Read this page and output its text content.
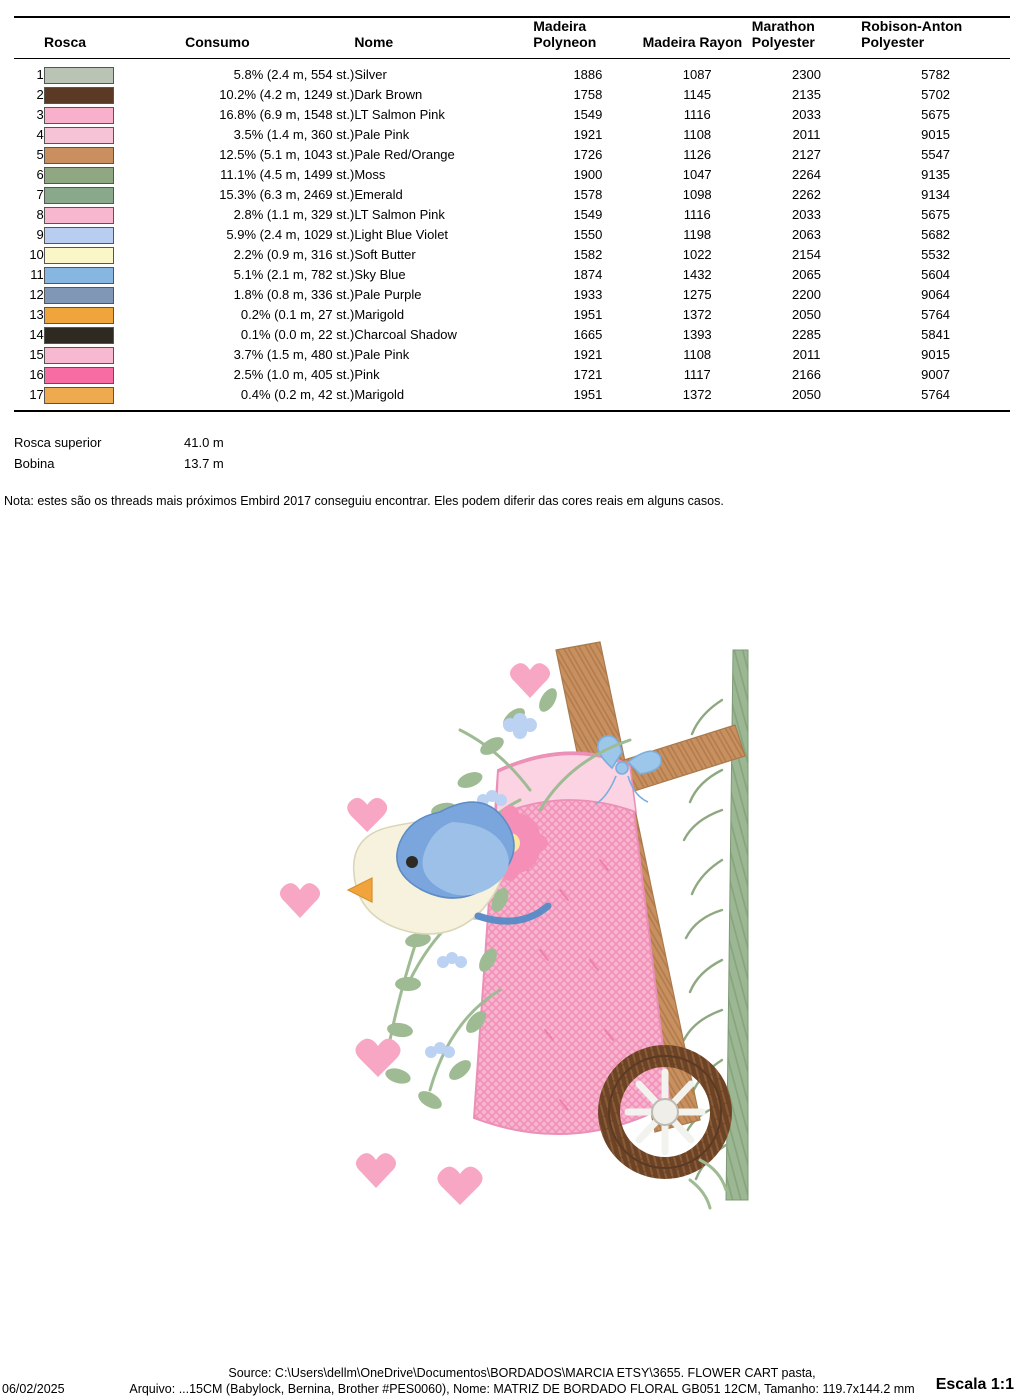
Rosca		Consumo	Nome	Madeira Polyneon	Madeira Rayon	Marathon Polyester	Robison-Anton Polyester
1		5.8% (2.4 m, 554 st.)	Silver	1886	1087	2300	5782
2		10.2% (4.2 m, 1249 st.)	Dark Brown	1758	1145	2135	5702
3		16.8% (6.9 m, 1548 st.)	LT Salmon Pink	1549	1116	2033	5675
4		3.5% (1.4 m, 360 st.)	Pale Pink	1921	1108	2011	9015
5		12.5% (5.1 m, 1043 st.)	Pale Red/Orange	1726	1126	2127	5547
6		11.1% (4.5 m, 1499 st.)	Moss	1900	1047	2264	9135
7		15.3% (6.3 m, 2469 st.)	Emerald	1578	1098	2262	9134
8		2.8% (1.1 m, 329 st.)	LT Salmon Pink	1549	1116	2033	5675
9		5.9% (2.4 m, 1029 st.)	Light Blue Violet	1550	1198	2063	5682
10		2.2% (0.9 m, 316 st.)	Soft Butter	1582	1022	2154	5532
11		5.1% (2.1 m, 782 st.)	Sky Blue	1874	1432	2065	5604
12		1.8% (0.8 m, 336 st.)	Pale Purple	1933	1275	2200	9064
13		0.2% (0.1 m, 27 st.)	Marigold	1951	1372	2050	5764
14		0.1% (0.0 m, 22 st.)	Charcoal Shadow	1665	1393	2285	5841
15		3.7% (1.5 m, 480 st.)	Pale Pink	1921	1108	2011	9015
16		2.5% (1.0 m, 405 st.)	Pink	1721	1117	2166	9007
17		0.4% (0.2 m, 42 st.)	Marigold	1951	1372	2050	5764
Rosca superior	41.0 m
Bobina	13.7 m
Nota: estes são os threads mais próximos Embird 2017 conseguiu encontrar. Eles podem diferir das cores reais em alguns casos.
Source: C:\Users\dellm\OneDrive\Documentos\BORDADOS\MARCIA ETSY\3655. FLOWER CART pasta,
Arquivo: ...15CM (Babylock, Bernina, Brother #PES0060), Nome: MATRIZ DE BORDADO FLORAL GB051 12CM, Tamanho: 119.7x144.2 mm
06/02/2025	Escala 1:1
